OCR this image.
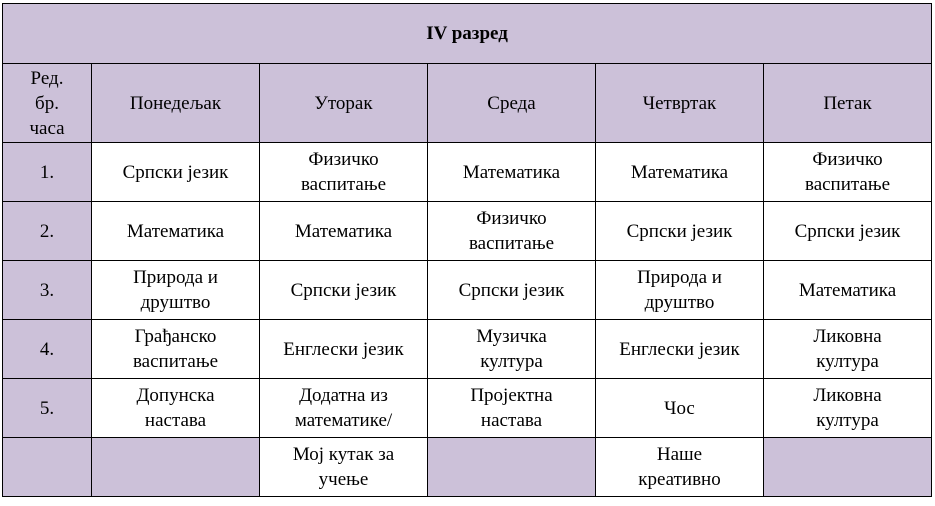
IV разред					

Ред.
бр.
часа	Понедељак	Уторак	Среда	Четвртак	Петак

1.	Српски језик	Физичко
васпитање	Математика	Математика	Физичко
васпитање

2.	Математика	Математика	Физичко
васпитање	Српски језик	Српски језик

3.	Природа и
друштво	Српски језик	Српски језик	Природа и
друштво	Математика

4.	Грађанско
васпитање	Енглески језик	Музичка
култура	Енглески језик	Ликовна
култура

5.	Допунска
настава	Додатна из
математике/	Пројектна
настава	Чос	Ликовна
култура

		Мој кутак за
учење		Наше
креативно	
